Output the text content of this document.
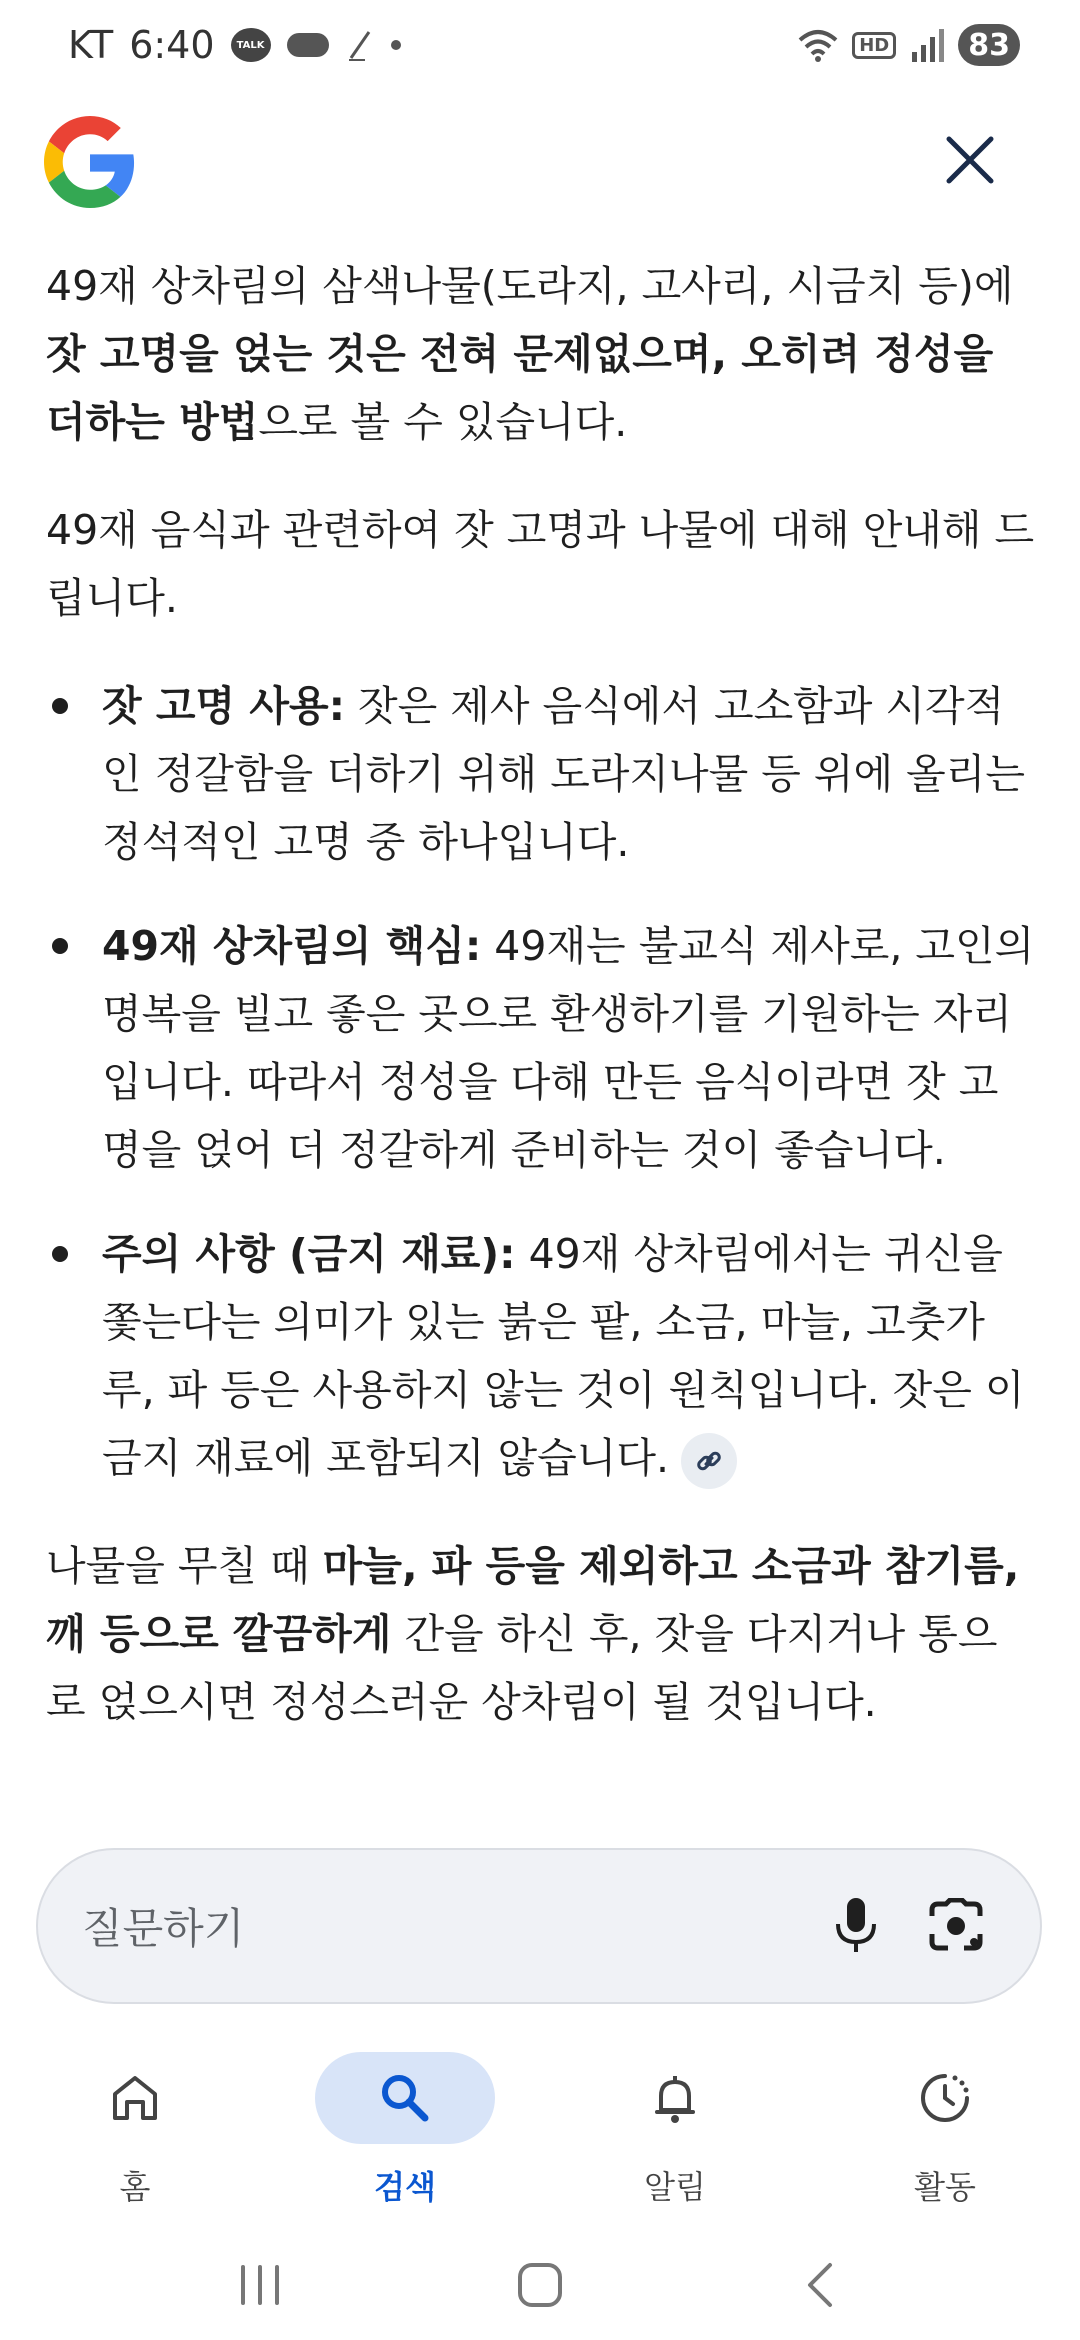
KT 6:40	TALK	HD	83

49재 상차림의 삼색나물(도라지, 고사리, 시금치 등)에 잣 고명을 얹는 것은 전혀 문제없으며, 오히려 정성을 더하는 방법으로 볼 수 있습니다.

49재 음식과 관련하여 잣 고명과 나물에 대해 안내해 드립니다.

잣 고명 사용: 잣은 제사 음식에서 고소함과 시각적인 정갈함을 더하기 위해 도라지나물 등 위에 올리는 정석적인 고명 중 하나입니다.
49재 상차림의 핵심: 49재는 불교식 제사로, 고인의 명복을 빌고 좋은 곳으로 환생하기를 기원하는 자리입니다. 따라서 정성을 다해 만든 음식이라면 잣 고명을 얹어 더 정갈하게 준비하는 것이 좋습니다.
주의 사항 (금지 재료): 49재 상차림에서는 귀신을 쫓는다는 의미가 있는 붉은 팥, 소금, 마늘, 고춧가루, 파 등은 사용하지 않는 것이 원칙입니다. 잣은 이 금지 재료에 포함되지 않습니다.

나물을 무칠 때 마늘, 파 등을 제외하고 소금과 참기름, 깨 등으로 깔끔하게 간을 하신 후, 잣을 다지거나 통으로 얹으시면 정성스러운 상차림이 될 것입니다.

질문하기
홈	검색	알림	활동
